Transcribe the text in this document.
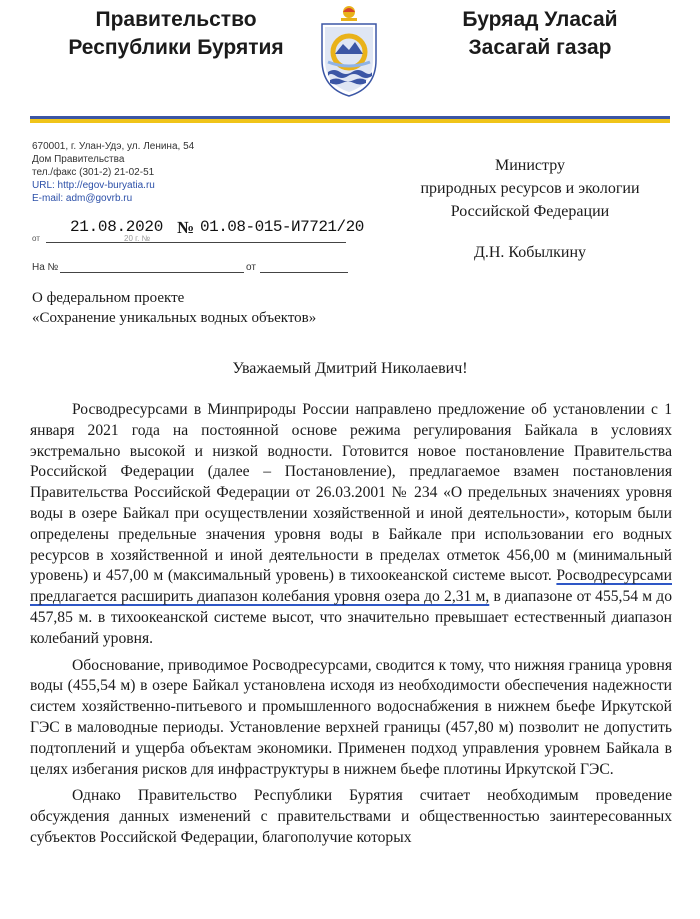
Правительство
Республики Бурятия
Буряад Уласай
Засагай газар
670001, г. Улан-Удэ, ул. Ленина, 54
Дом Правительства
тел./факс (301-2) 21-02-51
URL: http://egov-buryatia.ru
E-mail: adm@govrb.ru
21.08.2020 № 01.08-015-И7721/20
от	20 г. №
На №	от
Министру
природных ресурсов и экологии
Российской Федерации
Д.Н. Кобылкину
О федеральном проекте
«Сохранение уникальных водных объектов»
Уважаемый Дмитрий Николаевич!

Росводресурсами в Минприроды России направлено предложение об установлении с 1 января 2021 года на постоянной основе режима регулирования Байкала в условиях экстремально высокой и низкой водности. Готовится новое постановление Правительства Российской Федерации (далее – Постановление), предлагаемое взамен постановления Правительства Российской Федерации от 26.03.2001 № 234 «О предельных значениях уровня воды в озере Байкал при осуществлении хозяйственной и иной деятельности», которым были определены предельные значения уровня воды в Байкале при использовании его водных ресурсов в хозяйственной и иной деятельности в пределах отметок 456,00 м (минимальный уровень) и 457,00 м (максимальный уровень) в тихоокеанской системе высот. Росводресурсами предлагается расширить диапазон колебания уровня озера до 2,31 м, в диапазоне от 455,54 м до 457,85 м. в тихоокеанской системе высот, что значительно превышает естественный диапазон колебаний уровня.

Обоснование, приводимое Росводресурсами, сводится к тому, что нижняя граница уровня воды (455,54 м) в озере Байкал установлена исходя из необходимости обеспечения надежности систем хозяйственно-питьевого и промышленного водоснабжения в нижнем бьефе Иркутской ГЭС в маловодные периоды. Установление верхней границы (457,80 м) позволит не допустить подтоплений и ущерба объектам экономики. Применен подход управления уровнем Байкала в целях избегания рисков для инфраструктуры в нижнем бьефе плотины Иркутской ГЭС.

Однако Правительство Республики Бурятия считает необходимым проведение обсуждения данных изменений с правительствами и общественностью заинтересованных субъектов Российской Федерации, благополучие которых
